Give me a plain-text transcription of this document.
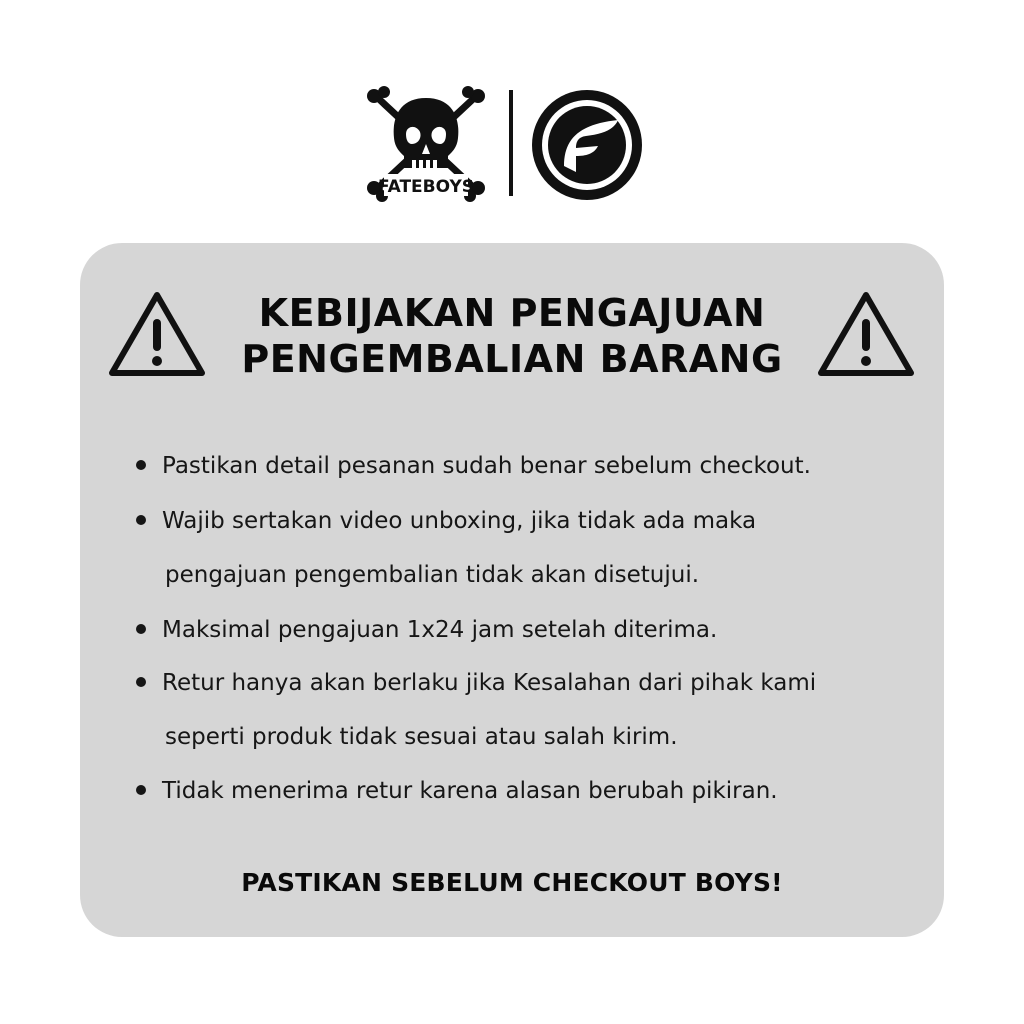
FATEBOYS
KEBIJAKAN PENGAJUAN
PENGEMBALIAN BARANG
Pastikan detail pesanan sudah benar sebelum checkout.
Wajib sertakan video unboxing, jika tidak ada maka
pengajuan pengembalian tidak akan disetujui.
Maksimal pengajuan 1x24 jam setelah diterima.
Retur hanya akan berlaku jika Kesalahan dari pihak kami
seperti produk tidak sesuai atau salah kirim.
Tidak menerima retur karena alasan berubah pikiran.
PASTIKAN SEBELUM CHECKOUT BOYS!
